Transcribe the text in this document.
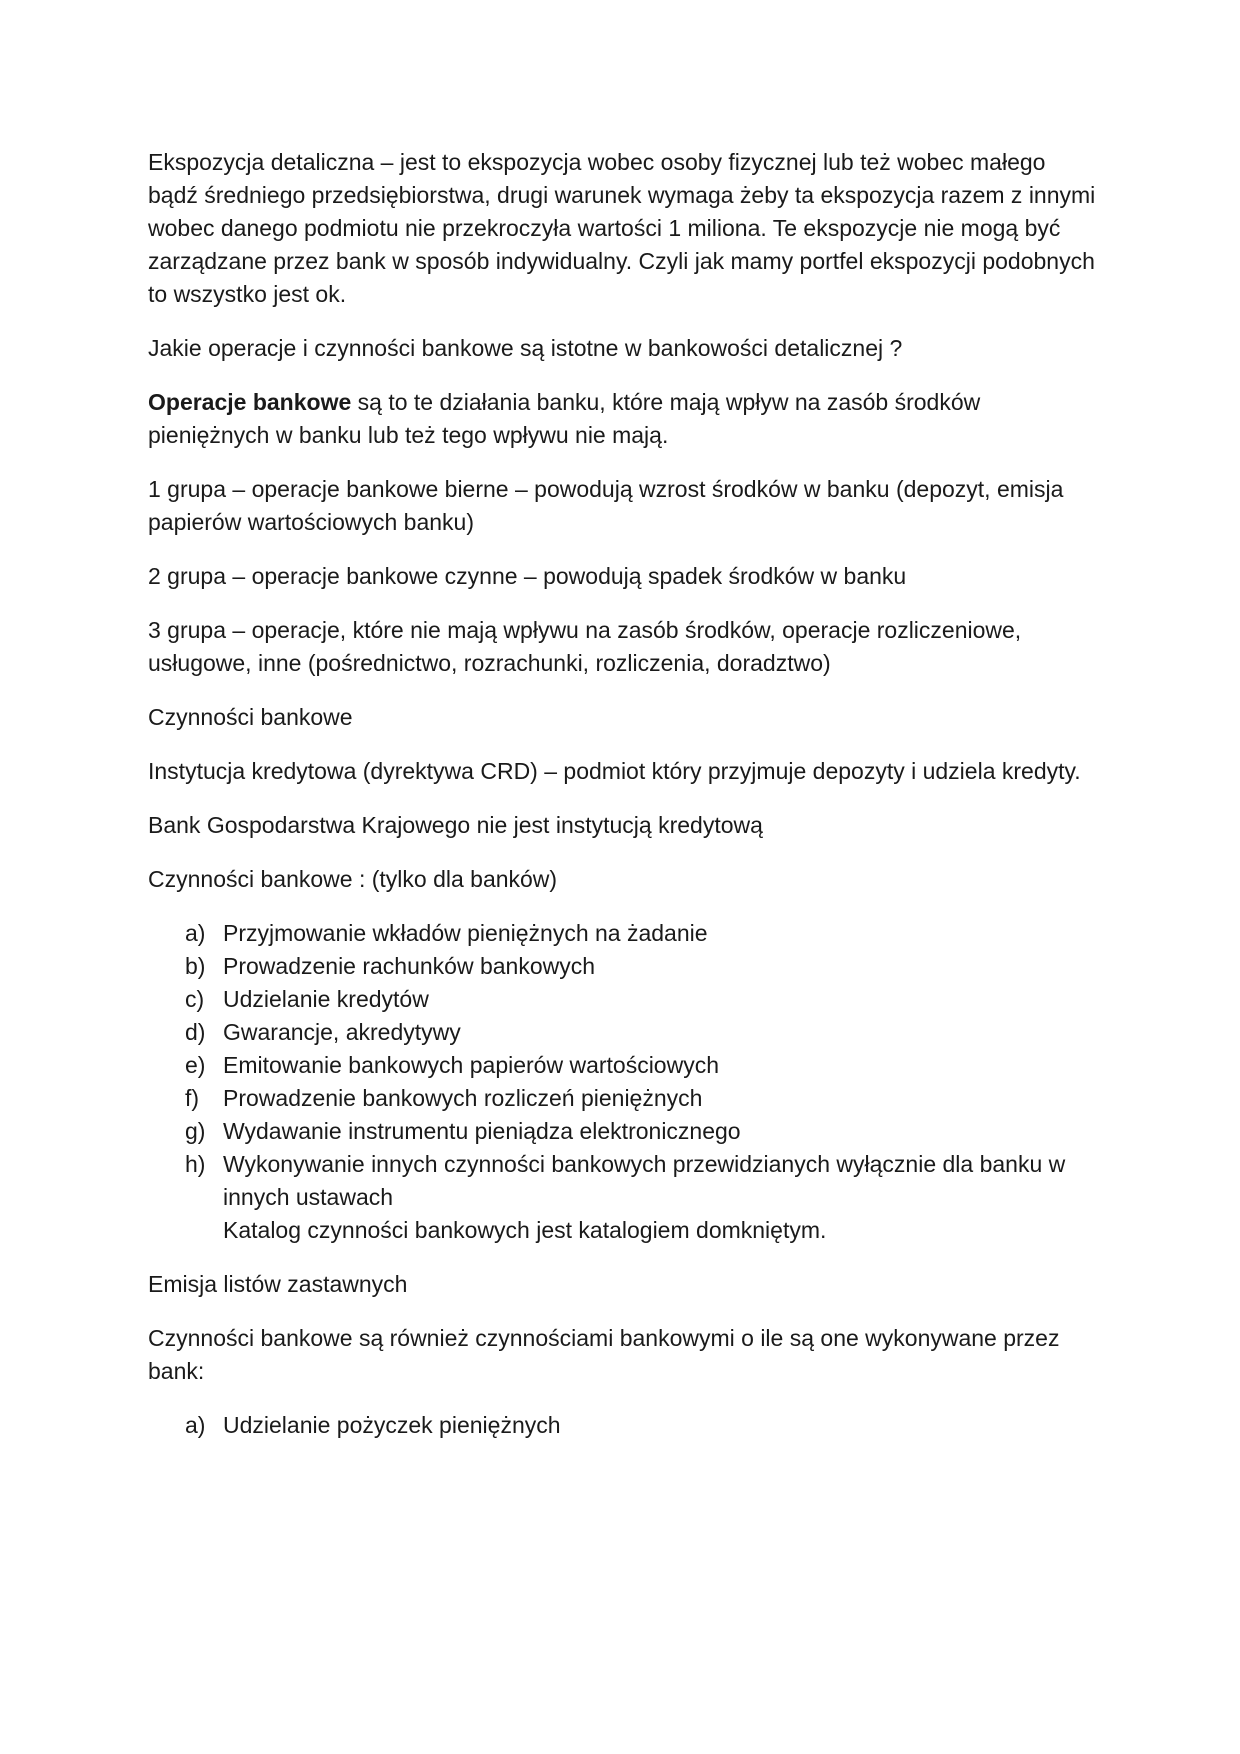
Ekspozycja detaliczna – jest to ekspozycja wobec osoby fizycznej lub też wobec małego bądź średniego przedsiębiorstwa, drugi warunek wymaga żeby ta ekspozycja razem z innymi wobec danego podmiotu nie przekroczyła wartości 1 miliona. Te ekspozycje nie mogą być zarządzane przez bank w sposób indywidualny. Czyli jak mamy portfel ekspozycji podobnych to wszystko jest ok.

Jakie operacje i czynności bankowe są istotne w bankowości detalicznej ?

Operacje bankowe są to te działania banku, które mają wpływ na zasób środków pieniężnych w banku lub też tego wpływu nie mają.

1 grupa – operacje bankowe bierne – powodują wzrost środków w banku (depozyt, emisja papierów wartościowych banku)

2 grupa – operacje bankowe czynne – powodują spadek środków w banku

3 grupa – operacje, które nie mają wpływu na zasób środków, operacje rozliczeniowe, usługowe, inne (pośrednictwo, rozrachunki, rozliczenia, doradztwo)

Czynności bankowe

Instytucja kredytowa (dyrektywa CRD) – podmiot który przyjmuje depozyty i udziela kredyty.

Bank Gospodarstwa Krajowego nie jest instytucją kredytową

Czynności bankowe : (tylko dla banków)

a) Przyjmowanie wkładów pieniężnych na żadanie
b) Prowadzenie rachunków bankowych
c) Udzielanie kredytów
d) Gwarancje, akredytywy
e) Emitowanie bankowych papierów wartościowych
f) Prowadzenie bankowych rozliczeń pieniężnych
g) Wydawanie instrumentu pieniądza elektronicznego
h) Wykonywanie innych czynności bankowych przewidzianych wyłącznie dla banku w innych ustawach
Katalog czynności bankowych jest katalogiem domkniętym.

Emisja listów zastawnych

Czynności bankowe są również czynnościami bankowymi o ile są one wykonywane przez bank:

a) Udzielanie pożyczek pieniężnych
